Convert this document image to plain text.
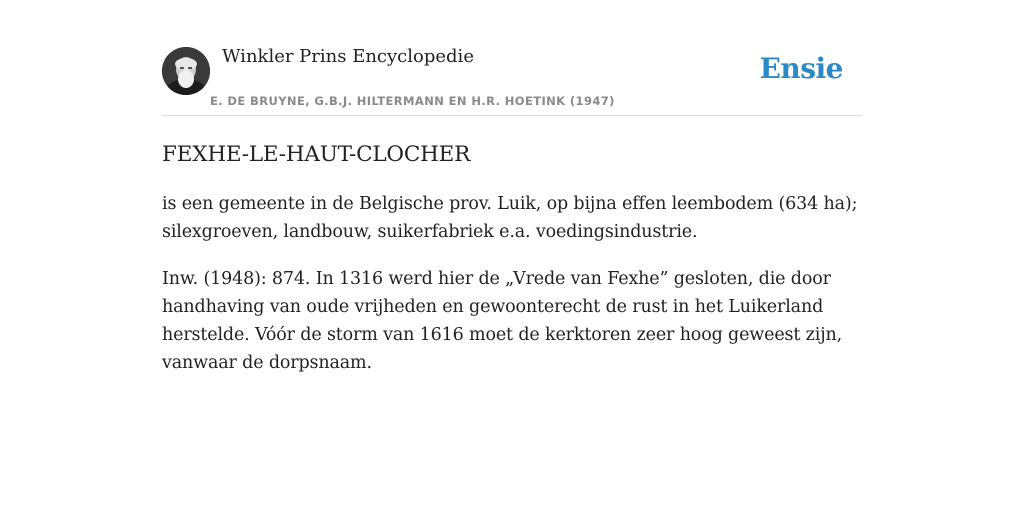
Winkler Prins Encyclopedie
E. DE BRUYNE, G.B.J. HILTERMANN EN H.R. HOETINK (1947)
Ensie
FEXHE-LE-HAUT-CLOCHER

is een gemeente in de Belgische prov. Luik, op bijna effen leembodem (634 ha); silexgroeven, landbouw, suikerfabriek e.a. voedingsindustrie.

Inw. (1948): 874. In 1316 werd hier de „Vrede van Fexhe” gesloten, die door handhaving van oude vrijheden en gewoonterecht de rust in het Luikerland herstelde. Vóór de storm van 1616 moet de kerktoren zeer hoog geweest zijn, vanwaar de dorpsnaam.
